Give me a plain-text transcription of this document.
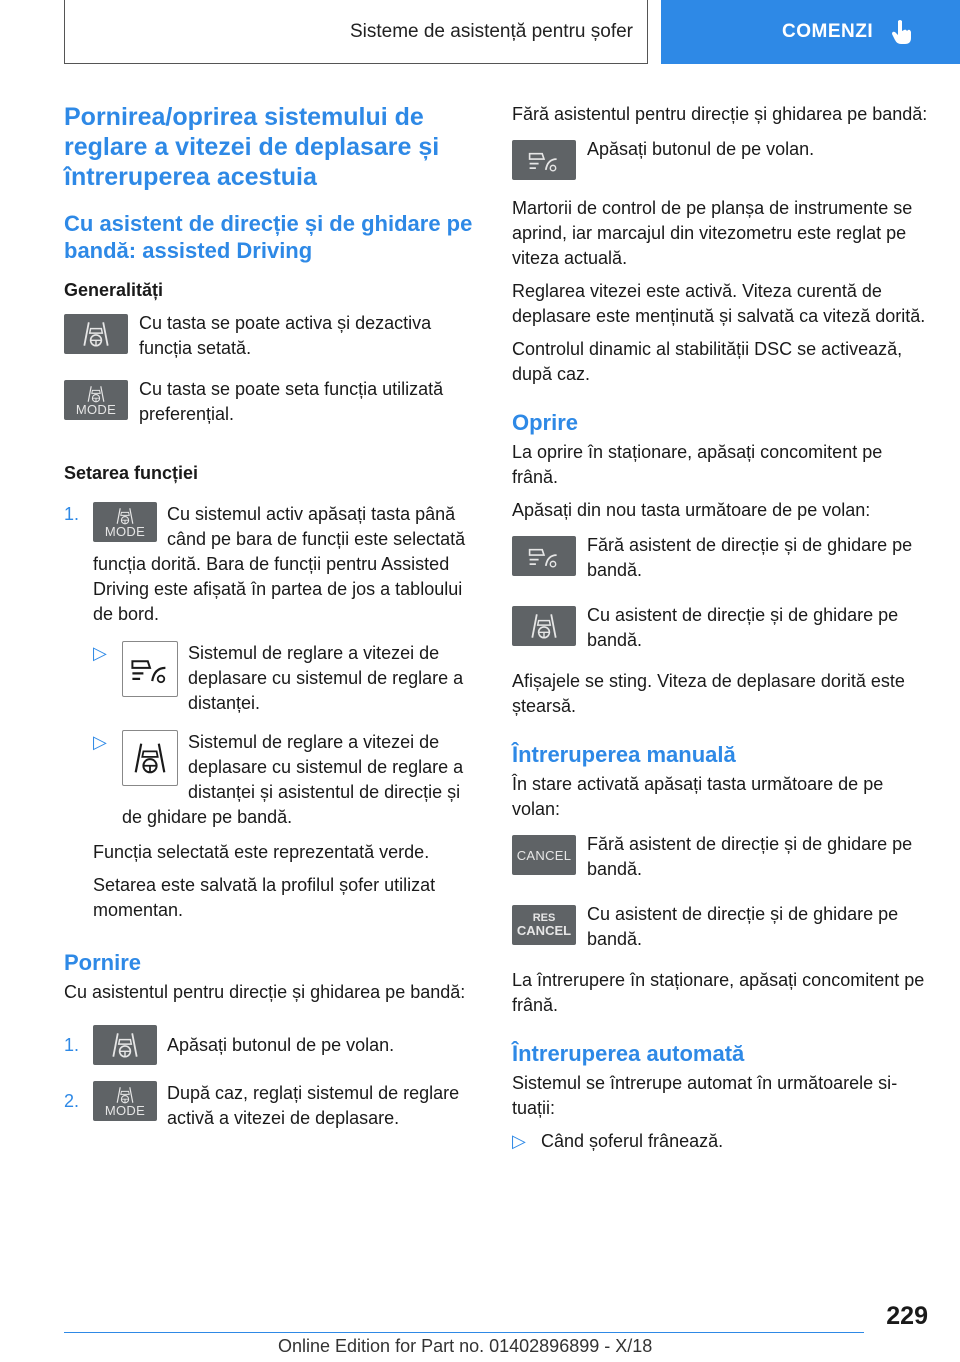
Sisteme de asistență pentru șofer	COMENZI
Pornirea/oprirea sistemului de reglare a vitezei de deplasare și întreruperea acestuia
Cu asistent de direcție și de ghidare pe bandă: assisted Driving
Generalități
Cu tasta se poate activa și dezactiva funcția setată.
MODE
Cu tasta se poate seta funcția utilizată preferențial.
Setarea funcției
1.
MODE
Cu sistemul activ apăsați tasta până când pe bara de funcții este selectată funcția dorită. Bara de funcții pentru Assisted Driving este afișată în partea de jos a tabloului de bord.
▷	Sistemul de reglare a vitezei de deplasare cu sistemul de reglare a distanței.
▷	Sistemul de reglare a vitezei de deplasare cu sistemul de reglare a distanței și asistentul de direcție și de ghidare pe bandă.

Funcția selectată este reprezentată verde.

Setarea este salvată la profilul șofer utilizat momentan.

Pornire

Cu asistentul pentru direcție și ghidarea pe bandă:

1.	Apăsați butonul de pe volan.
2.	MODE
După caz, reglați sistemul de reglare activă a vitezei de deplasare.

Fără asistentul pentru direcție și ghidarea pe bandă:

Apăsați butonul de pe volan.

Martorii de control de pe planșa de instrumente se aprind, iar marcajul din vitezometru este reglat pe viteza actuală.

Reglarea vitezei este activă. Viteza curentă de deplasare este menținută și salvată ca viteză dorită.

Controlul dinamic al stabilității DSC se activează, după caz.

Oprire

La oprire în staționare, apăsați concomitent pe frână.

Apăsați din nou tasta următoare de pe volan:

Fără asistent de direcție și de ghidare pe bandă.
Cu asistent de direcție și de ghidare pe bandă.

Afișajele se sting. Viteza de deplasare dorită este ștearsă.

Întreruperea manuală

În stare activată apăsați tasta următoare de pe volan:

CANCEL
Fără asistent de direcție și de ghidare pe bandă.
RES
CANCEL
Cu asistent de direcție și de ghidare pe bandă.

La întrerupere în staționare, apăsați concomitent pe frână.

Întreruperea automată

Sistemul se întrerupe automat în următoarele situații:

▷ Când șoferul frânează.
229
Online Edition for Part no. 01402896899 - X/18
